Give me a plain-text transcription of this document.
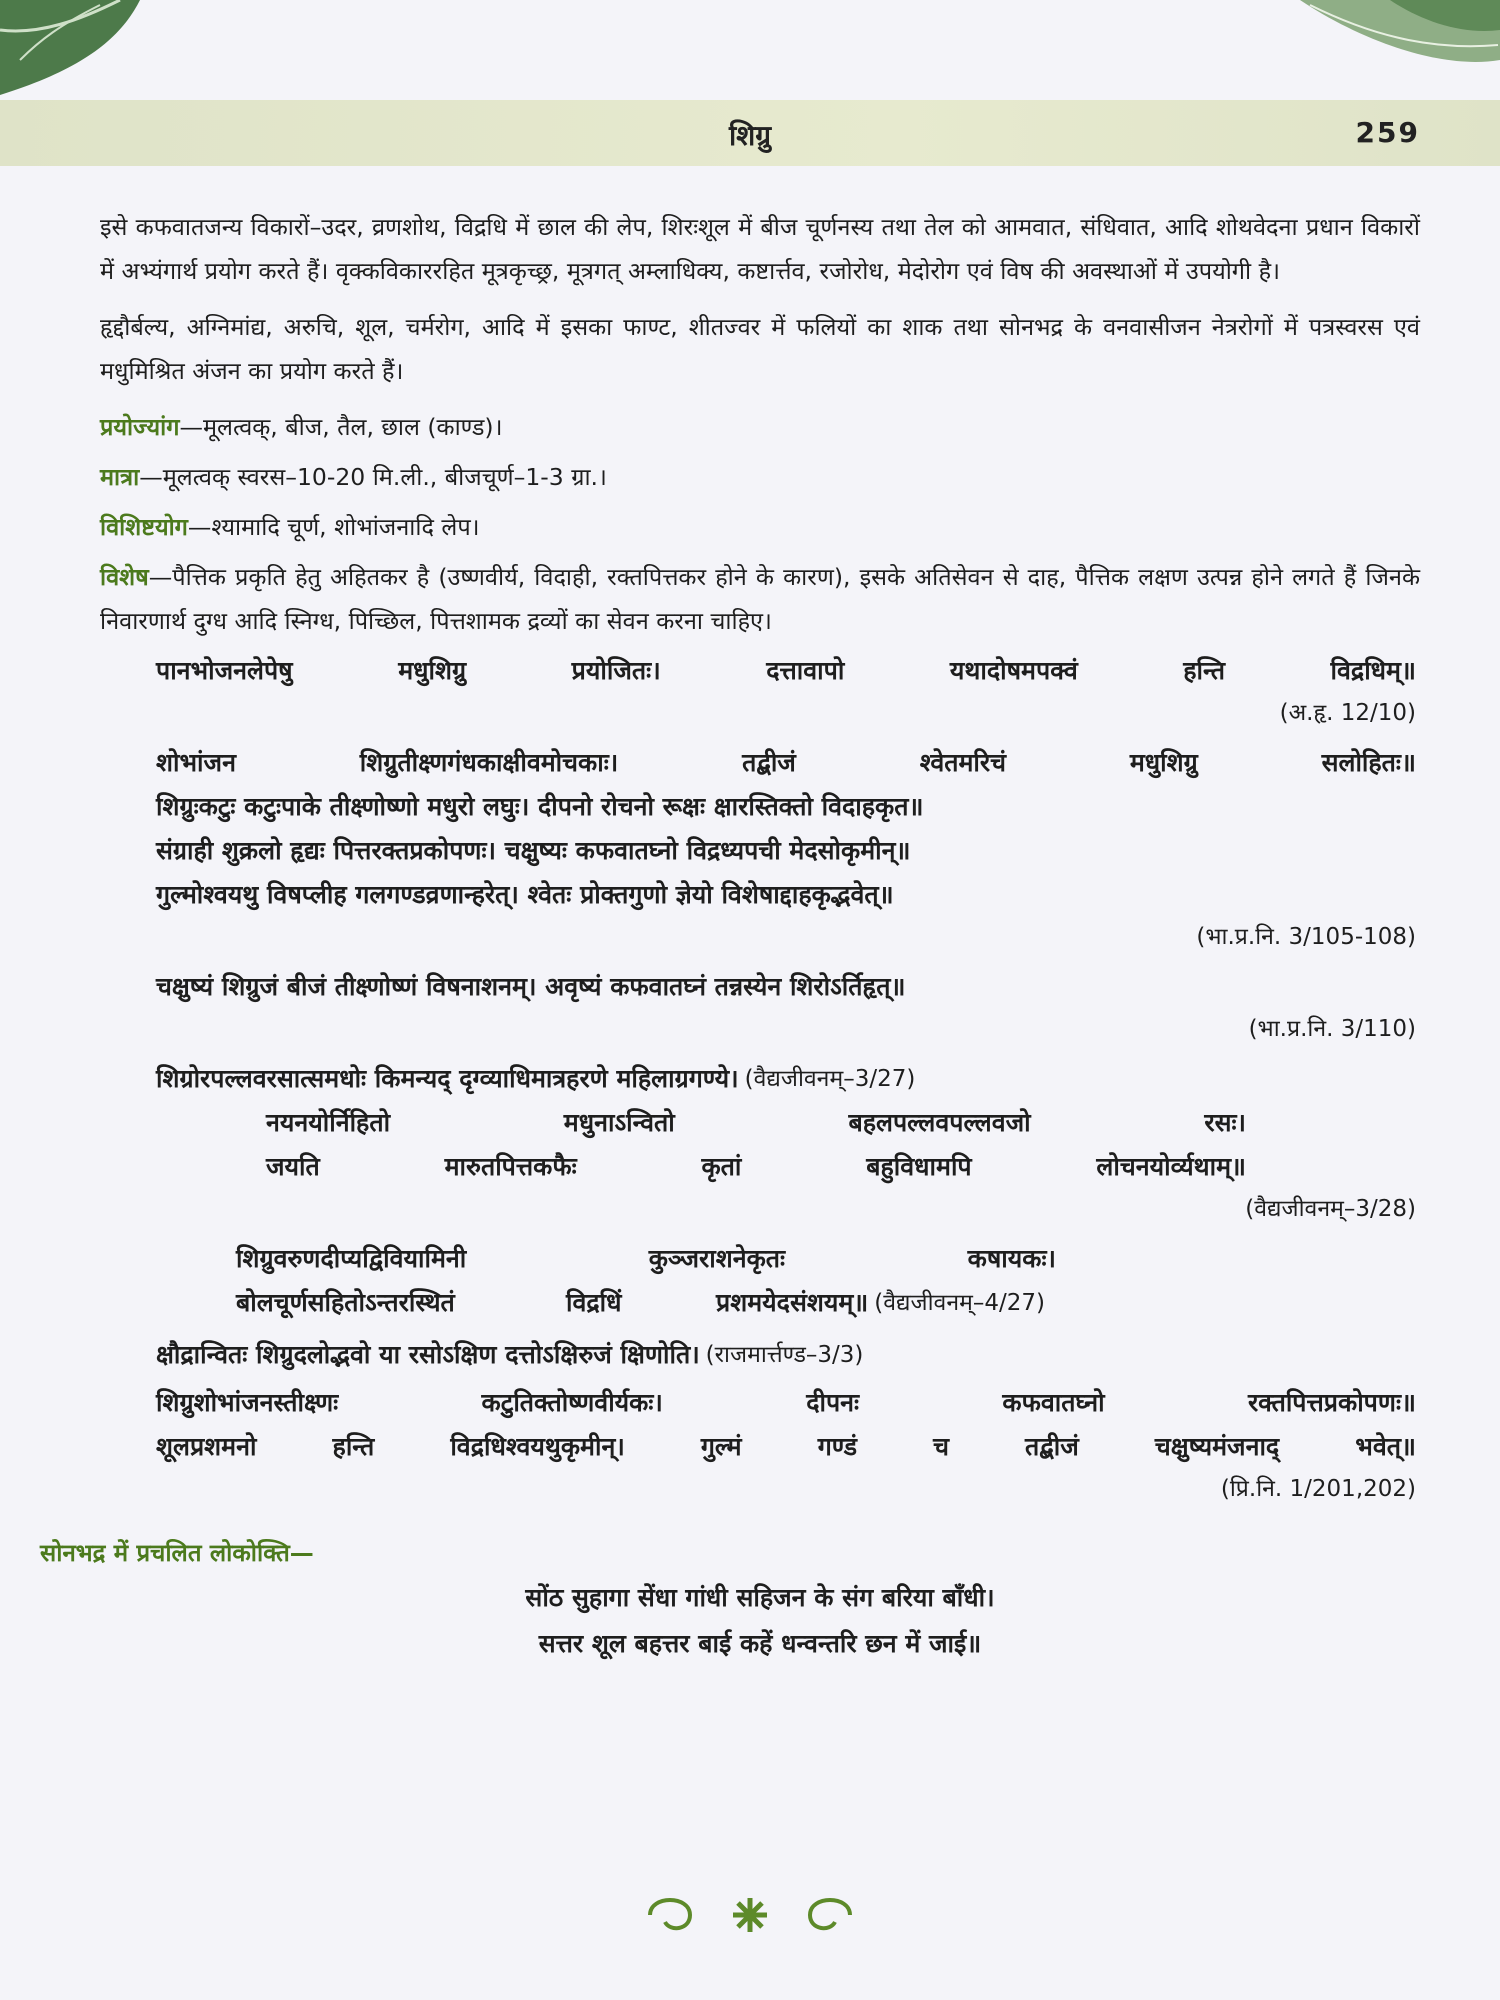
शिग्रु	259

इसे कफवातजन्य विकारों–उदर, व्रणशोथ, विद्रधि में छाल की लेप, शिरःशूल में बीज चूर्णनस्य तथा तेल को आमवात, संधिवात, आदि शोथवेदना प्रधान विकारों में अभ्यंगार्थ प्रयोग करते हैं। वृक्कविकाररहित मूत्रकृच्छ्र, मूत्रगत् अम्लाधिक्य, कष्टार्त्तव, रजोरोध, मेदोरोग एवं विष की अवस्थाओं में उपयोगी है।

हृद्दौर्बल्य, अग्निमांद्य, अरुचि, शूल, चर्मरोग, आदि में इसका फाण्ट, शीतज्वर में फलियों का शाक तथा सोनभद्र के वनवासीजन नेत्ररोगों में पत्रस्वरस एवं मधुमिश्रित अंजन का प्रयोग करते हैं।

प्रयोज्यांग—मूलत्वक्, बीज, तैल, छाल (काण्ड)।
मात्रा—मूलत्वक् स्वरस–10-20 मि.ली., बीजचूर्ण–1-3 ग्रा.।
विशिष्टयोग—श्यामादि चूर्ण, शोभांजनादि लेप।
विशेष—पैत्तिक प्रकृति हेतु अहितकर है (उष्णवीर्य, विदाही, रक्तपित्तकर होने के कारण), इसके अतिसेवन से दाह, पैत्तिक लक्षण उत्पन्न होने लगते हैं जिनके निवारणार्थ दुग्ध आदि स्निग्ध, पिच्छिल, पित्तशामक द्रव्यों का सेवन करना चाहिए।
पानभोजनलेपेषु	मधुशिग्रु	प्रयोजितः।	दत्तावापो	यथादोषमपक्वं	हन्ति	विद्रधिम्॥
(अ.हृ. 12/10)
शोभांजन	शिग्रुतीक्ष्णगंधकाक्षीवमोचकाः।	तद्बीजं	श्वेतमरिचं	मधुशिग्रु	सलोहितः॥
शिग्रुःकटुः कटुःपाके तीक्ष्णोष्णो मधुरो लघुः। दीपनो रोचनो रूक्षः क्षारस्तिक्तो विदाहकृत॥
संग्राही शुक्रलो हृद्यः पित्तरक्तप्रकोपणः। चक्षुष्यः कफवातघ्नो विद्रध्यपची मेदसोकृमीन्॥
गुल्मोश्वयथु विषप्लीह गलगण्डव्रणान्हरेत्। श्वेतः प्रोक्तगुणो ज्ञेयो विशेषाद्दाहकृद्भवेत्॥
(भा.प्र.नि. 3/105-108)
चक्षुष्यं शिग्रुजं बीजं तीक्ष्णोष्णं विषनाशनम्। अवृष्यं कफवातघ्नं तन्नस्येन शिरोऽर्तिहृत्॥
(भा.प्र.नि. 3/110)
शिग्रोरपल्लवरसात्समधोः किमन्यद् दृग्व्याधिमात्रहरणे महिलाग्रगण्ये। (वैद्यजीवनम्–3/27)
नयनयोर्निहितो	मधुनाऽन्वितो	बहलपल्लवपल्लवजो	रसः।
जयति	मारुतपित्तकफैः	कृतां	बहुविधामपि	लोचनयोर्व्यथाम्॥
(वैद्यजीवनम्–3/28)
शिग्रुवरुणदीप्यद्विवियामिनी	कुञ्जराशनेकृतः	कषायकः।
बोलचूर्णसहितोऽन्तरस्थितं	विद्रधिं	प्रशमयेदसंशयम्॥ (वैद्यजीवनम्–4/27)
क्षौद्रान्वितः शिग्रुदलोद्भवो या रसोऽक्षिण दत्तोऽक्षिरुजं क्षिणोति। (राजमार्त्तण्ड–3/3)
शिग्रुशोभांजनस्तीक्ष्णः	कटुतिक्तोष्णवीर्यकः।	दीपनः	कफवातघ्नो	रक्तपित्तप्रकोपणः॥
शूलप्रशमनो	हन्ति	विद्रधिश्वयथुकृमीन्।	गुल्मं	गण्डं	च	तद्बीजं	चक्षुष्यमंजनाद्	भवेत्॥
(प्रि.नि. 1/201,202)
सोनभद्र में प्रचलित लोकोक्ति—
सोंठ सुहागा सेंधा गांधी सहिजन के संग बरिया बाँधी।
सत्तर शूल बहत्तर बाई कहें धन्वन्तरि छन में जाई॥
